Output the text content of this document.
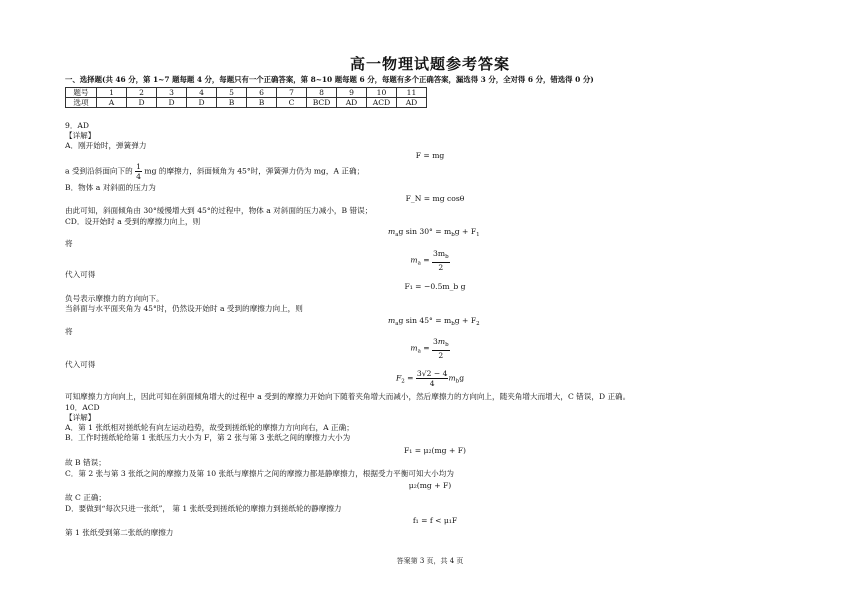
高一物理试题参考答案
一、选择题(共 46 分，第 1~7 题每题 4 分，每题只有一个正确答案，第 8~10 题每题 6 分，每题有多个正确答案，漏选得 3 分，全对得 6 分，错选得 0 分)
题号	1	2	3	4	5	6	7	8	9	10	11
选项	A	D	D	D	B	B	C	BCD	AD	ACD	AD
9．AD
【详解】
A．刚开始时，弹簧弹力
F = mg
a 受到沿斜面向下的 $\frac{1}{4}$ mg 的摩擦力，斜面倾角为 45°时，弹簧弹力仍为 mg，A 正确；
B．物体 a 对斜面的压力为
F_N = mg cosθ
由此可知，斜面倾角由 30°缓慢增大到 45°的过程中，物体 a 对斜面的压力减小，B 错误；
CD．设开始时 a 受到的摩擦力向上，则
$m_ag$ $\sin 30^\circ = m_bg + F_1$
将
$m_a = \frac{3m_b}{2}$
代入可得
F₁ = −0.5m_b g
负号表示摩擦力的方向向下。
当斜面与水平面夹角为 45°时，仍然设开始时 a 受到的摩擦力向上，则
$m_ag$ $\sin 45^\circ = m_bg + F_2$
将
$m_a = \frac{3m_b}{2}$
代入可得
$F_2 = \frac{3√2 - 4}{4} m_bg$
可知摩擦力方向向上，因此可知在斜面倾角增大的过程中 a 受到的摩擦力开始向下随着夹角增大而减小，然后摩擦力的方向向上，随夹角增大而增大，C 错误，D 正确。
10．ACD
【详解】
A．第 1 张纸相对搓纸轮有向左运动趋势，故受到搓纸轮的摩擦力方向向右，A 正确；
B．工作时搓纸轮给第 1 张纸压力大小为 F，第 2 张与第 3 张纸之间的摩擦力大小为
F₁ = μ₂(mg + F)
故 B 错误；
C．第 2 张与第 3 张纸之间的摩擦力及第 10 张纸与摩擦片之间的摩擦力都是静摩擦力，根据受力平衡可知大小均为
μ₂(mg + F)
故 C 正确；
D．要做到“每次只进一张纸”， 第 1 张纸受到搓纸轮的摩擦力到搓纸轮的静摩擦力
f₁ = f < μ₁F
第 1 张纸受到第二张纸的摩擦力
答案第 3 页，共 4 页
